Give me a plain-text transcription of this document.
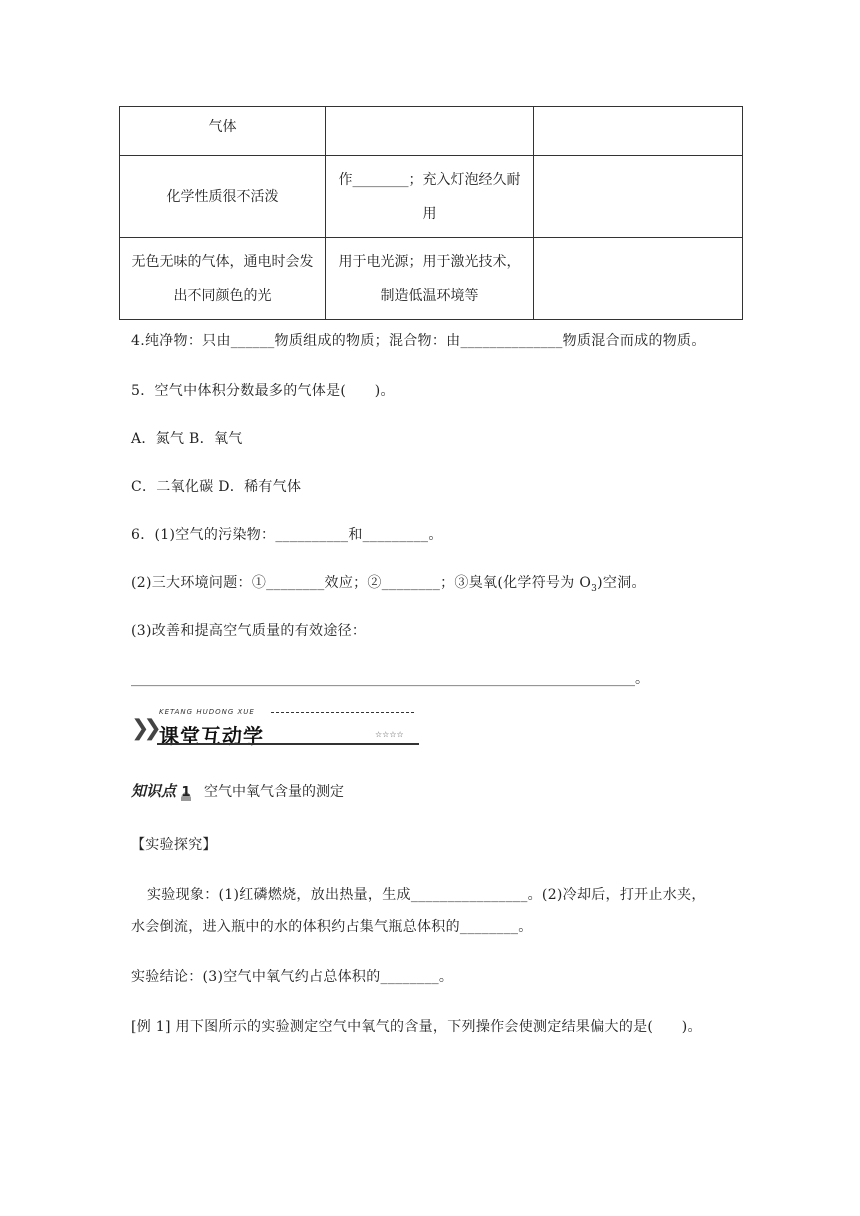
气体		
化学性质很不活泼	作________；充入灯泡经久耐用	
无色无味的气体，通电时会发出不同颜色的光	用于电光源；用于激光技术，制造低温环境等	
4.纯净物：只由______物质组成的物质；混合物：由______________物质混合而成的物质。
5．空气中体积分数最多的气体是(　　)。
A．氮气 B．氧气
C．二氧化碳 D．稀有气体
6．(1)空气的污染物：__________和_________。
(2)三大环境问题：①________效应；②________；③臭氧(化学符号为 $O_3$)空洞。
(3)改善和提高空气质量的有效途径：
________________________________________________________________________。
❯❯
KETANG HUDONG XUE
课堂互动学	☆☆☆☆
知识点 1 空气中氧气含量的测定
【实验探究】
实验现象：(1)红磷燃烧，放出热量，生成________________。(2)冷却后，打开止水夹，
水会倒流，进入瓶中的水的体积约占集气瓶总体积的________。
实验结论：(3)空气中氧气约占总体积的________。
[例 1] 用下图所示的实验测定空气中氧气的含量，下列操作会使测定结果偏大的是(　　)。
